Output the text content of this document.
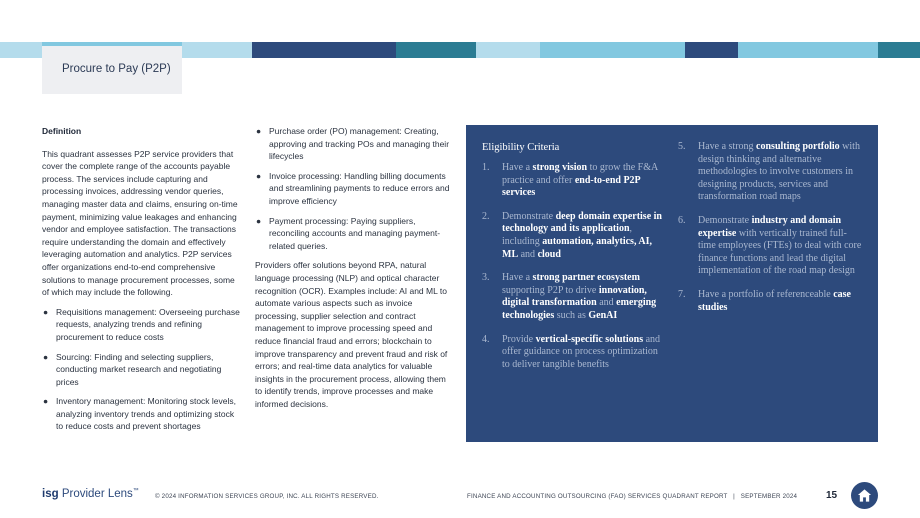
Procure to Pay (P2P)
Definition
This quadrant assesses P2P service providers that cover the complete range of the accounts payable process. The services include capturing and processing invoices, addressing vendor queries, managing master data and claims, ensuring on-time payment, minimizing value leakages and enhancing vendor and employee satisfaction. The transactions require understanding the domain and effectively leveraging automation and analytics. P2P services offer organizations end-to-end comprehensive solutions to manage procurement processes, some of which may include the following.
● Requisitions management: Overseeing purchase requests, analyzing trends and refining procurement to reduce costs
● Sourcing: Finding and selecting suppliers, conducting market research and negotiating prices
● Inventory management: Monitoring stock levels, analyzing inventory trends and optimizing stock to reduce costs and prevent shortages
● Purchase order (PO) management: Creating, approving and tracking POs and managing their lifecycles
● Invoice processing: Handling billing documents and streamlining payments to reduce errors and improve efficiency
● Payment processing: Paying suppliers, reconciling accounts and managing payment-related queries.
Providers offer solutions beyond RPA, natural language processing (NLP) and optical character recognition (OCR). Examples include: AI and ML to automate various aspects such as invoice processing, supplier selection and contract management to improve processing speed and reduce financial fraud and errors; blockchain to improve transparency and prevent fraud and risk of errors; and real-time data analytics for valuable insights in the procurement process, allowing them to identify trends, improve processes and make informed decisions.
Eligibility Criteria
1. Have a strong vision to grow the F&A practice and offer end-to-end P2P services
2. Demonstrate deep domain expertise in technology and its application, including automation, analytics, AI, ML and cloud
3. Have a strong partner ecosystem supporting P2P to drive innovation, digital transformation and emerging technologies such as GenAI
4. Provide vertical-specific solutions and offer guidance on process optimization to deliver tangible benefits
5. Have a strong consulting portfolio with design thinking and alternative methodologies to involve customers in designing products, services and transformation road maps
6. Demonstrate industry and domain expertise with vertically trained full-time employees (FTEs) to deal with core finance functions and lead the digital implementation of the road map design
7. Have a portfolio of referenceable case studies
isg Provider Lens™
© 2024 INFORMATION SERVICES GROUP, INC. ALL RIGHTS RESERVED.	FINANCE AND ACCOUNTING OUTSOURCING (FAO) SERVICES QUADRANT REPORT   |   SEPTEMBER 2024	15
